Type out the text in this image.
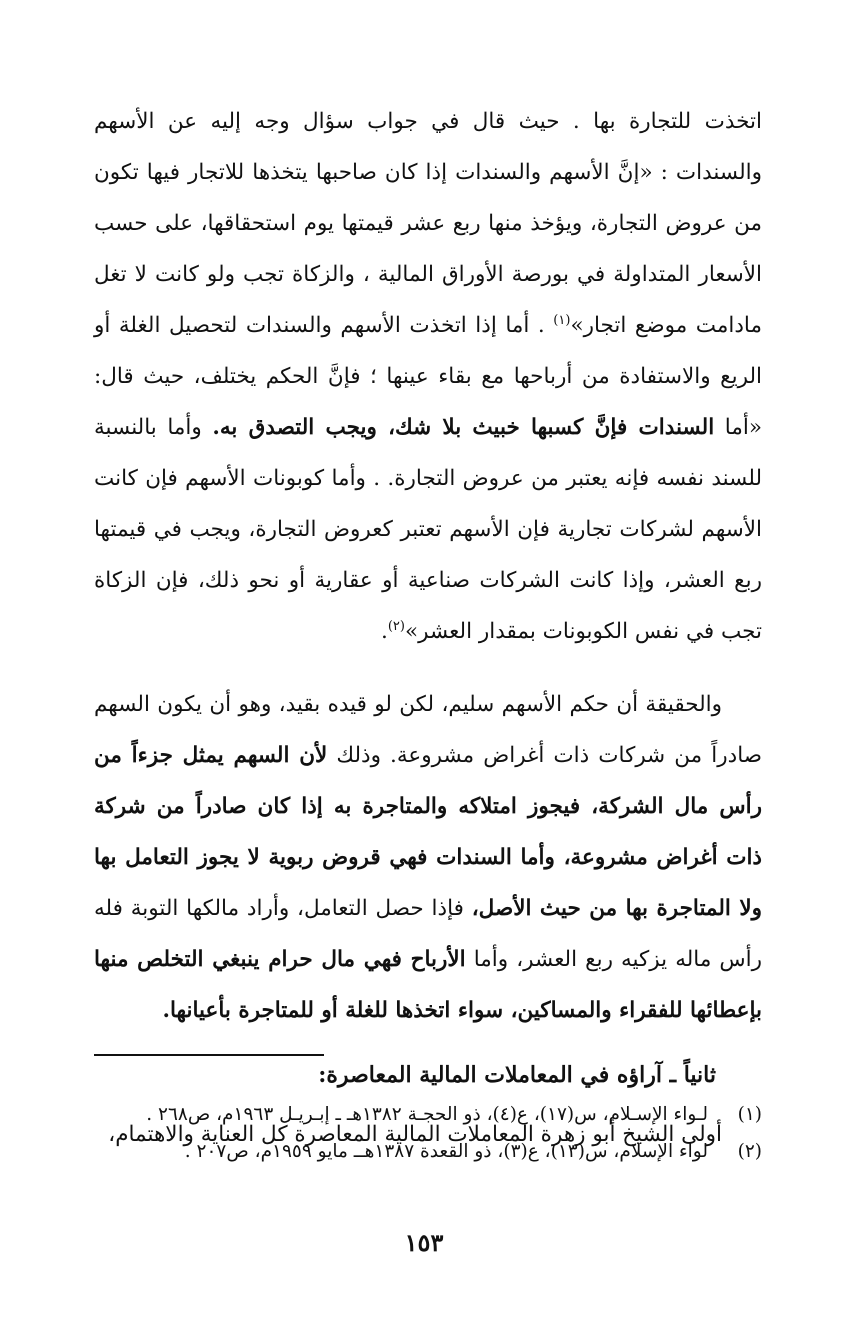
اتخذت للتجارة بها . حيث قال في جواب سؤال وجه إليه عن الأسهم والسندات : «إنَّ الأسهم والسندات إذا كان صاحبها يتخذها للاتجار فيها تكون من عروض التجارة، ويؤخذ منها ربع عشر قيمتها يوم استحقاقها، على حسب الأسعار المتداولة في بورصة الأوراق المالية ، والزكاة تجب ولو كانت لا تغل مادامت موضع اتجار»$^{(١)}$ . أما إذا اتخذت الأسهم والسندات لتحصيل الغلة أو الريع والاستفادة من أرباحها مع بقاء عينها ؛ فإنَّ الحكم يختلف، حيث قال: «أما السندات فإنَّ كسبها خبيث بلا شك، ويجب التصدق به. وأما بالنسبة للسند نفسه فإنه يعتبر من عروض التجارة. . وأما كوبونات الأسهم فإن كانت الأسهم لشركات تجارية فإن الأسهم تعتبر كعروض التجارة، ويجب في قيمتها ربع العشر، وإذا كانت الشركات صناعية أو عقارية أو نحو ذلك، فإن الزكاة تجب في نفس الكوبونات بمقدار العشر»$^{(٢)}$.

والحقيقة أن حكم الأسهم سليم، لكن لو قيده بقيد، وهو أن يكون السهم صادراً من شركات ذات أغراض مشروعة. وذلك لأن السهم يمثل جزءاً من رأس مال الشركة، فيجوز امتلاكه والمتاجرة به إذا كان صادراً من شركة ذات أغراض مشروعة، وأما السندات فهي قروض ربوية لا يجوز التعامل بها ولا المتاجرة بها من حيث الأصل، فإذا حصل التعامل، وأراد مالكها التوبة فله رأس ماله يزكيه ربع العشر، وأما الأرباح فهي مال حرام ينبغي التخلص منها بإعطائها للفقراء والمساكين، سواء اتخذها للغلة أو للمتاجرة بأعيانها.

ثانياً ـ آراؤه في المعاملات المالية المعاصرة:

أولى الشيخ أبو زهرة المعاملات المالية المعاصرة كل العناية والاهتمام،

(١)
لـواء الإسـلام، س(١٧)، ع(٤)، ذو الحجـة ١٣٨٢هـ ـ إبـريـل ١٩٦٣م، ص٢٦٨ .
(٢)
لواء الإسلام، س(١٣)، ع(٣)، ذو القعدة ١٣٨٧هــ مايو ١٩٥٩م، ص٢٠٧ .
١٥٣
